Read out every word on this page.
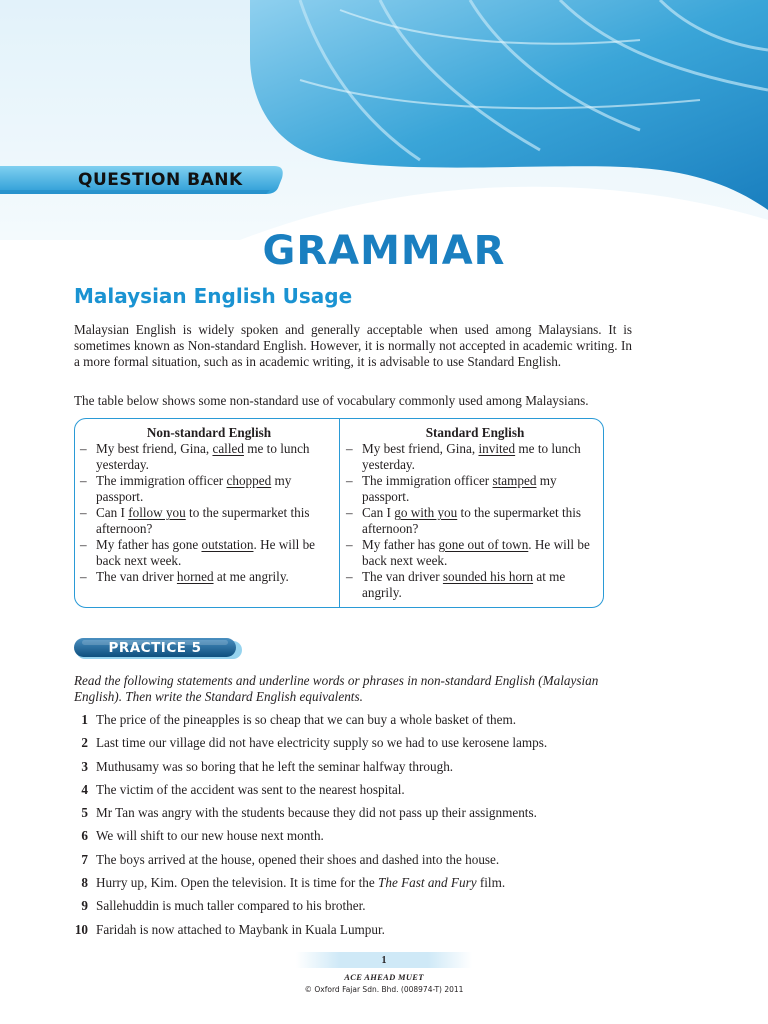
QUESTION BANK
GRAMMAR
Malaysian English Usage

Malaysian English is widely spoken and generally acceptable when used among Malaysians. It is sometimes known as Non-standard English. However, it is normally not accepted in academic writing. In a more formal situation, such as in academic writing, it is advisable to use Standard English.

The table below shows some non-standard use of vocabulary commonly used among Malaysians.

Non-standard English
– My best friend, Gina, called me to lunch yesterday.
– The immigration officer chopped my passport.
– Can I follow you to the supermarket this afternoon?
– My father has gone outstation. He will be back next week.
– The van driver horned at me angrily.
Standard English
– My best friend, Gina, invited me to lunch yesterday.
– The immigration officer stamped my passport.
– Can I go with you to the supermarket this afternoon?
– My father has gone out of town. He will be back next week.
– The van driver sounded his horn at me angrily.
PRACTICE 5

Read the following statements and underline words or phrases in non-standard English (Malaysian English). Then write the Standard English equivalents.

1 The price of the pineapples is so cheap that we can buy a whole basket of them.
2 Last time our village did not have electricity supply so we had to use kerosene lamps.
3 Muthusamy was so boring that he left the seminar halfway through.
4 The victim of the accident was sent to the nearest hospital.
5 Mr Tan was angry with the students because they did not pass up their assignments.
6 We will shift to our new house next month.
7 The boys arrived at the house, opened their shoes and dashed into the house.
8 Hurry up, Kim. Open the television. It is time for the The Fast and Fury film.
9 Sallehuddin is much taller compared to his brother.
10 Faridah is now attached to Maybank in Kuala Lumpur.
1
ACE AHEAD MUET
© Oxford Fajar Sdn. Bhd. (008974-T) 2011
